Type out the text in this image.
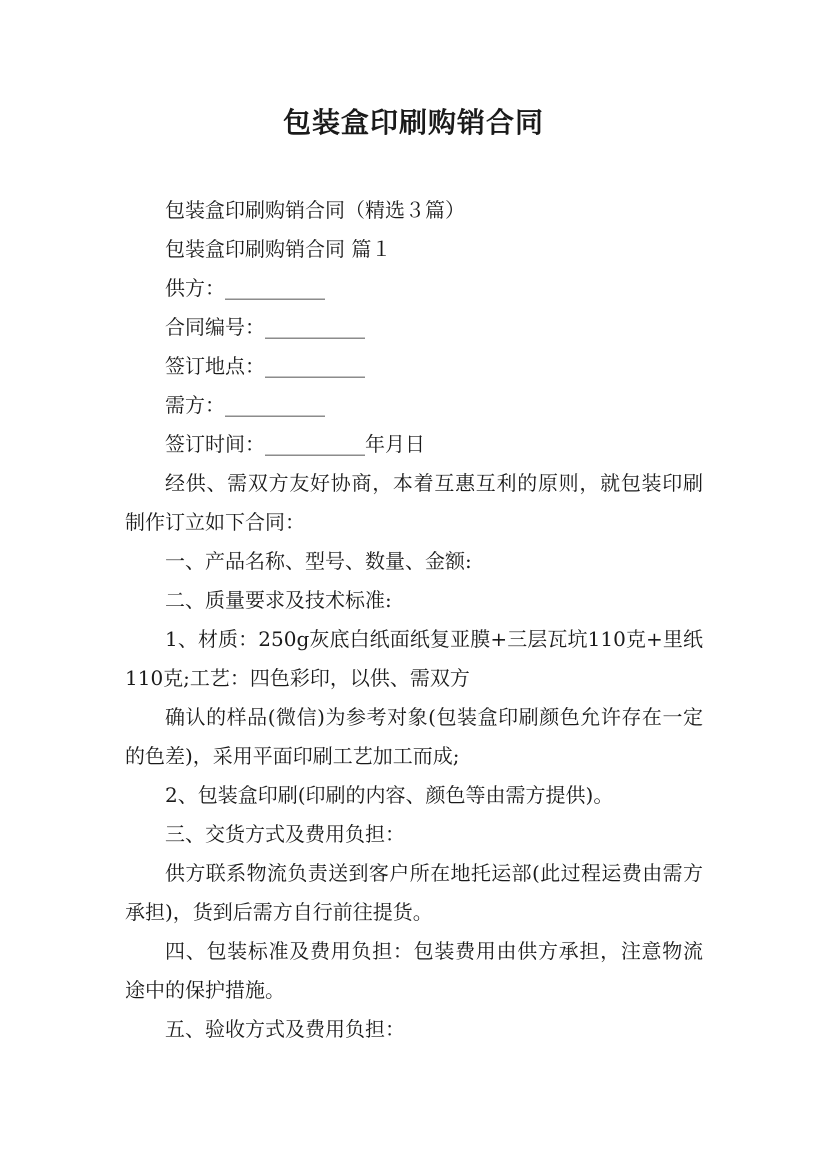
包装盒印刷购销合同

包装盒印刷购销合同（精选３篇）

包装盒印刷购销合同 篇１

供方：__________

合同编号：__________

签订地点：__________

需方：__________

签订时间：__________年月日

经供、需双方友好协商，本着互惠互利的原则，就包装印刷制作订立如下合同：

一、产品名称、型号、数量、金额:

二、质量要求及技术标准:

1、材质：250g灰底白纸面纸复亚膜+三层瓦坑110克+里纸110克;工艺：四色彩印，以供、需双方

确认的样品(微信)为参考对象(包装盒印刷颜色允许存在一定的色差)，采用平面印刷工艺加工而成;

2、包装盒印刷(印刷的内容、颜色等由需方提供)。

三、交货方式及费用负担：

供方联系物流负责送到客户所在地托运部(此过程运费由需方承担)，货到后需方自行前往提货。

四、包装标准及费用负担：包装费用由供方承担，注意物流途中的保护措施。

五、验收方式及费用负担：
